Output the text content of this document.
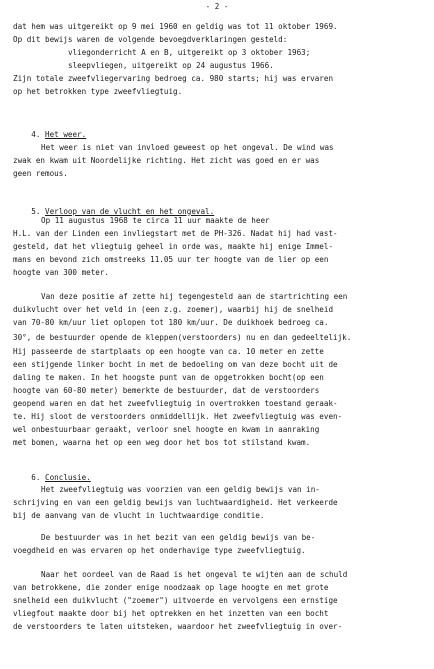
- 2 -
dat hem was uitgereikt op 9 mei 1960 en geldig was tot 11 oktober 1969.
Op dit bewijs waren de volgende bevoegdverklaringen gesteld:
vliegonderricht A en B, uitgereikt op 3 oktober 1963;
sleepvliegen, uitgereikt op 24 augustus 1966.
Zijn totale zweefvliegervaring bedroeg ca. 980 starts; hij was ervaren
op het betrokken type zweefvliegtuig.

4. Het weer.

Het weer is niet van invloed geweest op het ongeval. De wind was
zwak en kwam uit Noordelijke richting. Het zicht was goed en er was
geen remous.

5. Verloop van de vlucht en het ongeval.

Op 11 augustus 1968 te circa 11 uur maakte de heer
H.L. van der Linden een invliegstart met de PH-326. Nadat hij had vast-
gesteld, dat het vliegtuig geheel in orde was, maakte hij enige Immel-
mans en bevond zich omstreeks 11.05 uur ter hoogte van de lier op een
hoogte van 300 meter.
Van deze positie af zette hij tegengesteld aan de startrichting een
duikvlucht over het veld in (een z.g. zoemer), waarbij hij de snelheid
van 70-80 km/uur liet oplopen tot 180 km/uur. De duikhoek bedroeg ca.
30°, de bestuurder opende de kleppen(verstoorders) nu en dan gedeeltelijk.
Hij passeerde de startplaats op een hoogte van ca. 10 meter en zette
een stijgende linker bocht in met de bedoeling om van deze bocht uit de
daling te maken. In het hoogste punt van de opgetrokken bocht(op een
hoogte van 60-80 meter) bemerkte de bestuurder, dat de verstoorders
geopend waren en dat het zweefvliegtuig in overtrokken toestand geraak-
te. Hij sloot de verstoorders onmiddellijk. Het zweefvliegtuig was even-
wel onbestuurbaar geraakt, verloor snel hoogte en kwam in aanraking
met bomen, waarna het op een weg door het bos tot stilstand kwam.

6. Conclusie.

Het zweefvliegtuig was voorzien van een geldig bewijs van in-
schrijving en van een geldig bewijs van luchtwaardigheid. Het verkeerde
bij de aanvang van de vlucht in luchtwaardige conditie.
De bestuurder was in het bezit van een geldig bewijs van be-
voegdheid en was ervaren op het onderhavige type zweefvliegtuig.
Naar het oordeel van de Raad is het ongeval te wijten aan de schuld
van betrokkene, die zonder enige noodzaak op lage hoogte en met grote
snelheid een duikvlucht ("zoemer") uitvoerde en vervolgens een ernstige
vliegfout maakte door bij het optrekken en het inzetten van een bocht
de verstoorders te laten uitsteken, waardoor het zweefvliegtuig in over-
